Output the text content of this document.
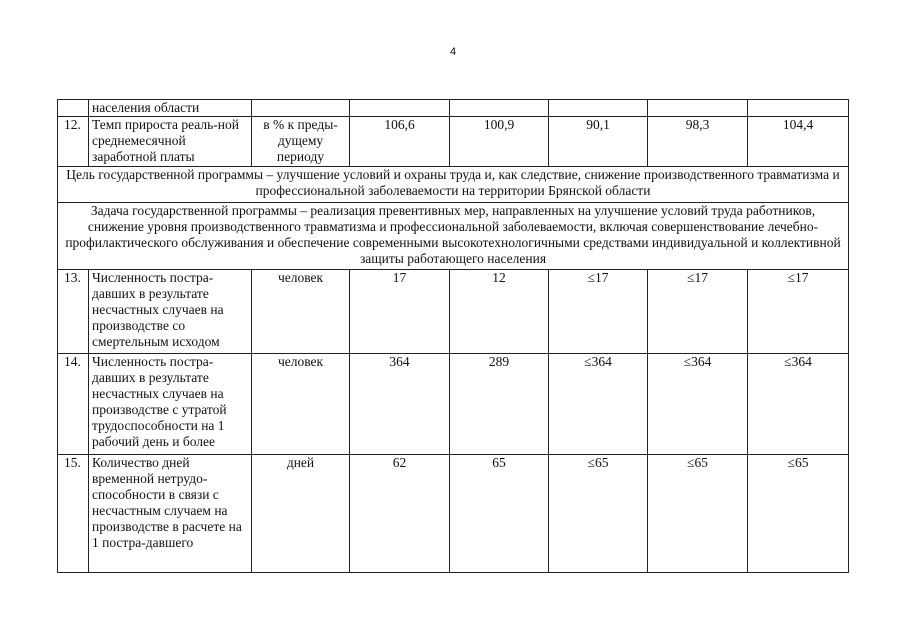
4
	населения области						
12.	Темп прироста реаль-ной среднемесячной заработной платы	в % к преды-дущему периоду	106,6	100,9	90,1	98,3	104,4
Цель государственной программы – улучшение условий и охраны труда и, как следствие, снижение производственного травматизма и профессиональной заболеваемости на территории Брянской области							
Задача государственной программы – реализация превентивных мер, направленных на улучшение условий труда работников, снижение уровня производственного травматизма и профессиональной заболеваемости, включая совершенствование лечебно-профилактического обслуживания и обеспечение современными высокотехнологичными средствами индивидуальной и коллективной защиты работающего населения							
13.	Численность постра-давших в результате несчастных случаев на производстве со смертельным исходом	человек	17	12	≤17	≤17	≤17
14.	Численность постра-давших в результате несчастных случаев на производстве с утратой трудоспособности на 1 рабочий день и более	человек	364	289	≤364	≤364	≤364
15.	Количество дней временной нетрудо-способности в связи с несчастным случаем на производстве в расчете на 1 постра-давшего	дней	62	65	≤65	≤65	≤65
